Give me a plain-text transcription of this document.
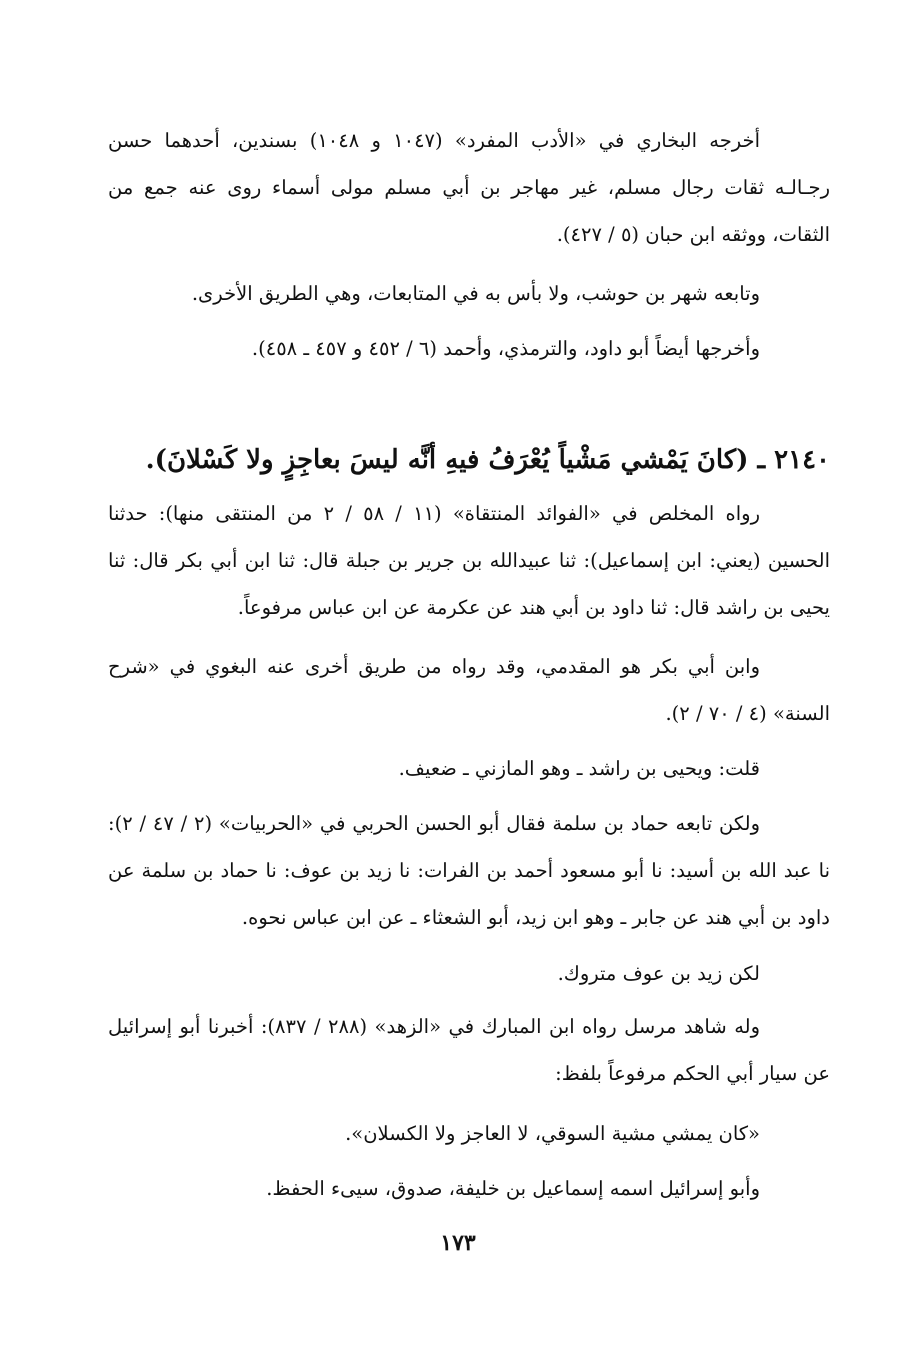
أخرجه البخاري في «الأدب المفرد» (١٠٤٧ و ١٠٤٨) بسندين، أحدهما حسن رجـالـه ثقات رجال مسلم، غير مهاجر بن أبي مسلم مولى أسماء روى عنه جمع من الثقات، ووثقه ابن حبان (٥ / ٤٢٧).

وتابعه شهر بن حوشب، ولا بأس به في المتابعات، وهي الطريق الأخرى.

وأخرجها أيضاً أبو داود، والترمذي، وأحمد (٦ / ٤٥٢ و ٤٥٧ ـ ٤٥٨).

٢١٤٠ ـ (كانَ يَمْشي مَشْياً يُعْرَفُ فيهِ أنَّه ليسَ بعاجِزٍ ولا كَسْلانَ).

رواه المخلص في «الفوائد المنتقاة» (١١ / ٥٨ / ٢ من المنتقى منها): حدثنا الحسين (يعني: ابن إسماعيل): ثنا عبيدالله بن جرير بن جبلة قال: ثنا ابن أبي بكر قال: ثنا يحيى بن راشد قال: ثنا داود بن أبي هند عن عكرمة عن ابن عباس مرفوعاً.

وابن أبي بكر هو المقدمي، وقد رواه من طريق أخرى عنه البغوي في «شرح السنة» (٤ / ٧٠ / ٢).

قلت: ويحيى بن راشد ـ وهو المازني ـ ضعيف.

ولكن تابعه حماد بن سلمة فقال أبو الحسن الحربي في «الحربيات» (٢ / ٤٧ / ٢): نا عبد الله بن أسيد: نا أبو مسعود أحمد بن الفرات: نا زيد بن عوف: نا حماد بن سلمة عن داود بن أبي هند عن جابر ـ وهو ابن زيد، أبو الشعثاء ـ عن ابن عباس نحوه.

لكن زيد بن عوف متروك.

وله شاهد مرسل رواه ابن المبارك في «الزهد» (٢٨٨ / ٨٣٧): أخبرنا أبو إسرائيل عن سيار أبي الحكم مرفوعاً بلفظ:

«كان يمشي مشية السوقي، لا العاجز ولا الكسلان».

وأبو إسرائيل اسمه إسماعيل بن خليفة، صدوق، سيىء الحفظ.

١٧٣
